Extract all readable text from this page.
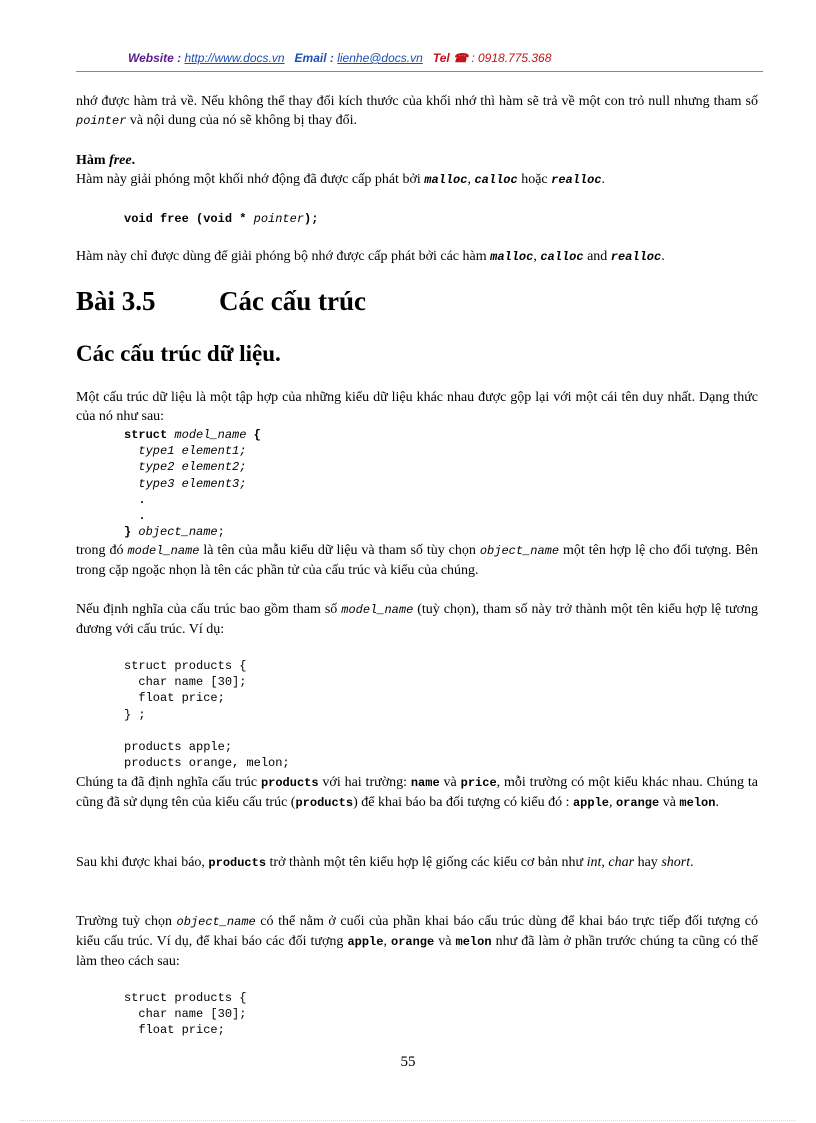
Website : http://www.docs.vn Email : lienhe@docs.vn Tel ☎ : 0918.775.368
nhớ được hàm trả về. Nếu không thể thay đổi kích thước của khối nhớ thì hàm sẽ trả về một con trỏ null nhưng tham số pointer và nội dung của nó sẽ không bị thay đổi.
Hàm free.
Hàm này giải phóng một khối nhớ động đã được cấp phát bởi malloc, calloc hoặc realloc.
void free (void * pointer);
Hàm này chỉ được dùng để giải phóng bộ nhớ được cấp phát bởi các hàm malloc, calloc and realloc.
Bài 3.5 Các cấu trúc
Các cấu trúc dữ liệu.
Một cấu trúc dữ liệu là một tập hợp của những kiểu dữ liệu khác nhau được gộp lại với một cái tên duy nhất. Dạng thức của nó như sau:
struct model_name {
type1 element1;
type2 element2;
type3 element3;
.
.
} object_name;
trong đó model_name là tên của mẫu kiểu dữ liệu và tham số tùy chọn object_name một tên hợp lệ cho đối tượng. Bên trong cặp ngoặc nhọn là tên các phần tử của cấu trúc và kiểu của chúng.
Nếu định nghĩa của cấu trúc bao gồm tham số model_name (tuỳ chọn), tham số này trở thành một tên kiểu hợp lệ tương đương với cấu trúc. Ví dụ:
struct products {
char name [30];
float price;
} ;

products apple;
products orange, melon;
Chúng ta đã định nghĩa cấu trúc products với hai trường: name và price, mỗi trường có một kiểu khác nhau. Chúng ta cũng đã sử dụng tên của kiểu cấu trúc (products) để khai báo ba đối tượng có kiểu đó : apple, orange và melon.
Sau khi được khai báo, products trở thành một tên kiểu hợp lệ giống các kiểu cơ bản như int, char hay short.
Trường tuỳ chọn object_name có thể nằm ở cuối của phần khai báo cấu trúc dùng để khai báo trực tiếp đối tượng có kiểu cấu trúc. Ví dụ, để khai báo các đối tượng apple, orange và melon như đã làm ở phần trước chúng ta cũng có thể làm theo cách sau:
struct products {
char name [30];
float price;
55
